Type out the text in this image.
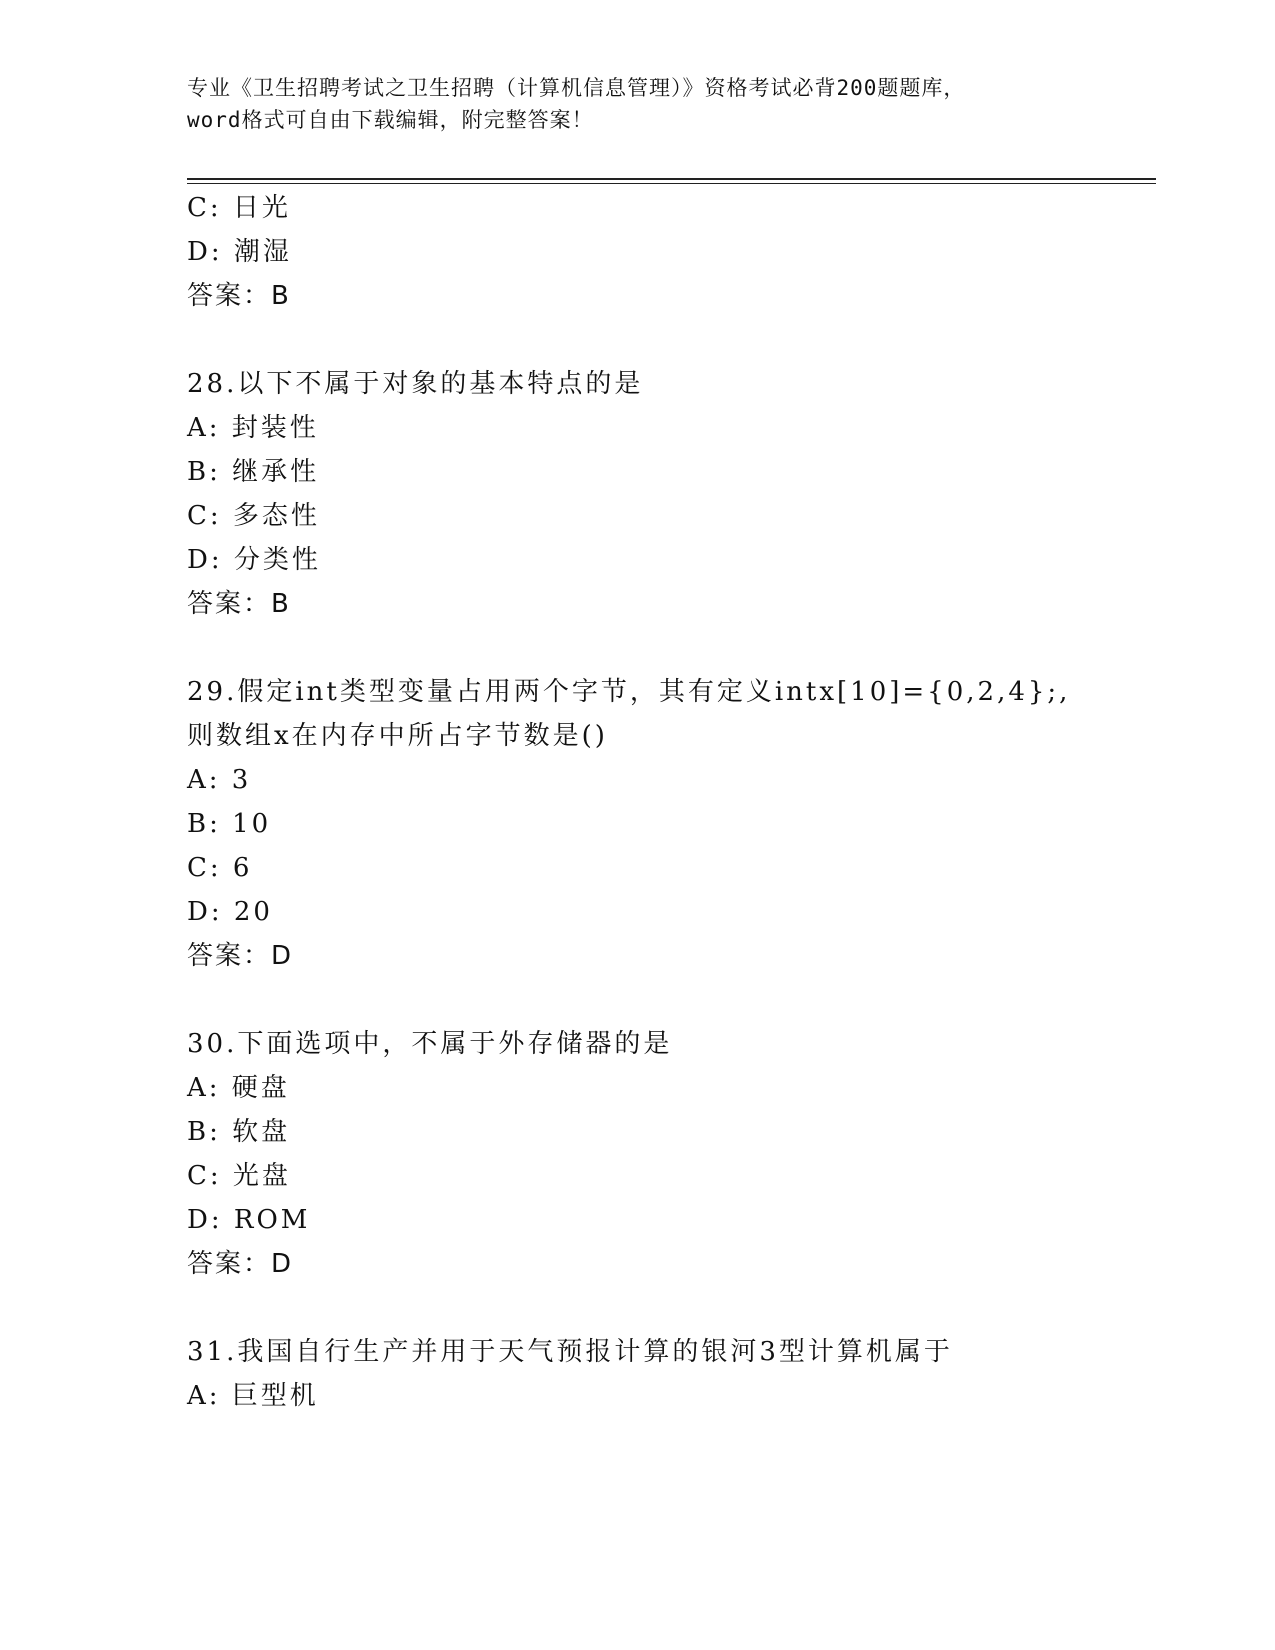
专业《卫生招聘考试之卫生招聘（计算机信息管理）》资格考试必背200题题库，
word格式可自由下载编辑，附完整答案！
C: 日光
D: 潮湿
答案：B
28.以下不属于对象的基本特点的是
A: 封装性
B: 继承性
C: 多态性
D: 分类性
答案：B
29.假定int类型变量占用两个字节，其有定义intx[10]={0,2,4};,
则数组x在内存中所占字节数是()
A: 3
B: 10
C: 6
D: 20
答案：D
30.下面选项中，不属于外存储器的是
A: 硬盘
B: 软盘
C: 光盘
D: ROM
答案：D
31.我国自行生产并用于天气预报计算的银河3型计算机属于
A: 巨型机
